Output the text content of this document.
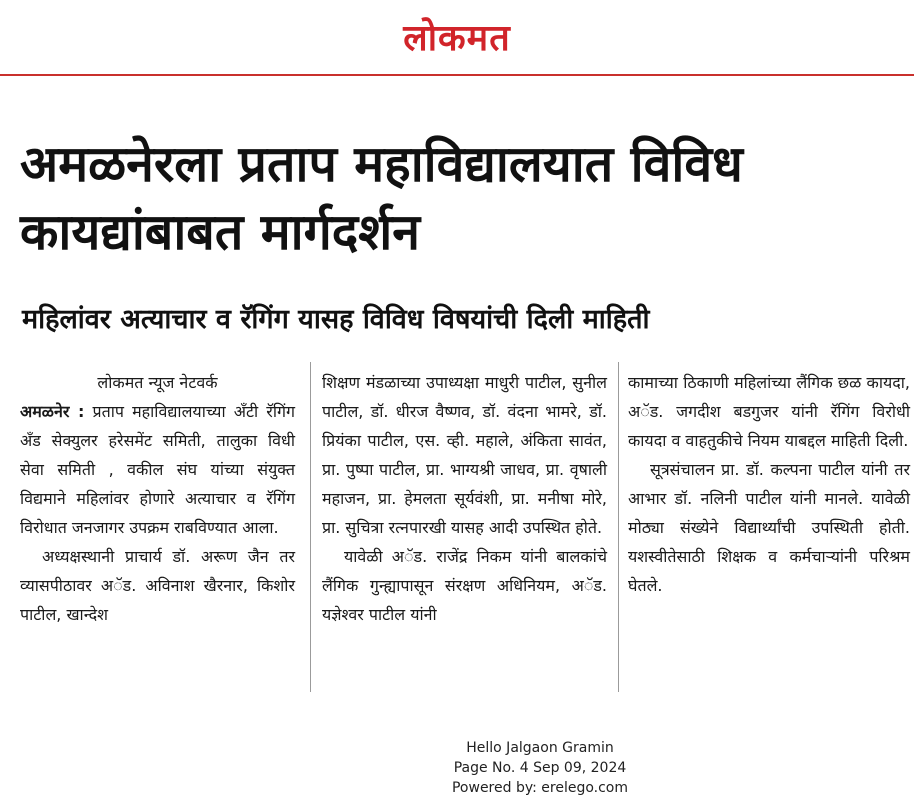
लोकमत
अमळनेरला प्रताप महाविद्यालयात विविध कायद्यांबाबत मार्गदर्शन
महिलांवर अत्याचार व रॅगिंग यासह विविध विषयांची दिली माहिती
लोकमत न्यूज नेटवर्क
अमळनेर : प्रताप महाविद्यालयाच्या अँटी रॅगिंग अँड सेक्युलर हरेसमेंट समिती, तालुका विधी सेवा समिती , वकील संघ यांच्या संयुक्त विद्यमाने महिलांवर होणारे अत्याचार व रॅगिंग विरोधात जनजागर उपक्रम राबविण्यात आला.
अध्यक्षस्थानी प्राचार्य डॉ. अरूण जैन तर व्यासपीठावर अॅड. अविनाश खैरनार, किशोर पाटील, खान्देश
शिक्षण मंडळाच्या उपाध्यक्षा माधुरी पाटील, सुनील पाटील, डॉ. धीरज वैष्णव, डॉ. वंदना भामरे, डॉ. प्रियंका पाटील, एस. व्ही. महाले, अंकिता सावंत, प्रा. पुष्पा पाटील, प्रा. भाग्यश्री जाधव, प्रा. वृषाली महाजन, प्रा. हेमलता सूर्यवंशी, प्रा. मनीषा मोरे, प्रा. सुचित्रा रत्नपारखी यासह आदी उपस्थित होते.
यावेळी अॅड. राजेंद्र निकम यांनी बालकांचे लैंगिक गुन्ह्यापासून संरक्षण अधिनियम, अॅड. यज्ञेश्वर पाटील यांनी
कामाच्या ठिकाणी महिलांच्या लैंगिक छळ कायदा, अॅड. जगदीश बडगुजर यांनी रॅगिंग विरोधी कायदा व वाहतुकीचे नियम याबद्दल माहिती दिली.
सूत्रसंचालन प्रा. डॉ. कल्पना पाटील यांनी तर आभार डॉ. नलिनी पाटील यांनी मानले. यावेळी मोठ्या संख्येने विद्यार्थ्यांची उपस्थिती होती. यशस्वीतेसाठी शिक्षक व कर्मचाऱ्यांनी परिश्रम घेतले.
Hello Jalgaon Gramin
Page No. 4 Sep 09, 2024
Powered by: erelego.com
